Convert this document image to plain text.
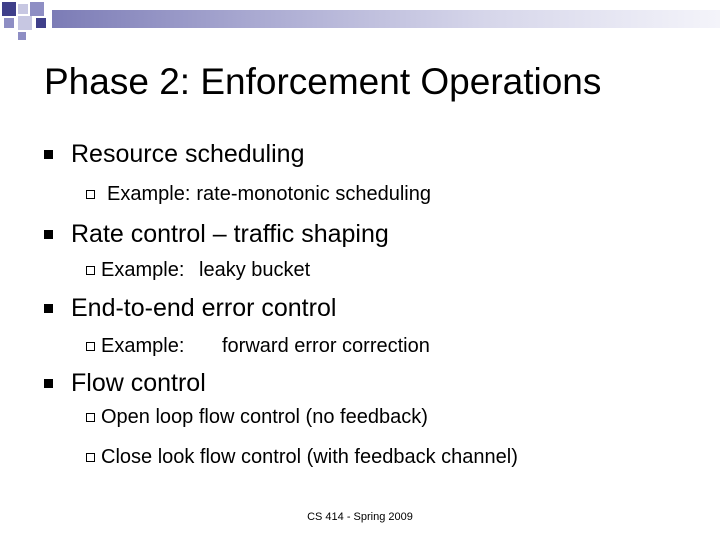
Phase 2: Enforcement Operations
Resource scheduling
Example: rate-monotonic scheduling
Rate control – traffic shaping
Example: leaky bucket
End-to-end error control
Example:	forward error correction
Flow control
Open loop flow control (no feedback)
Close look flow control (with feedback channel)
CS 414 - Spring 2009
